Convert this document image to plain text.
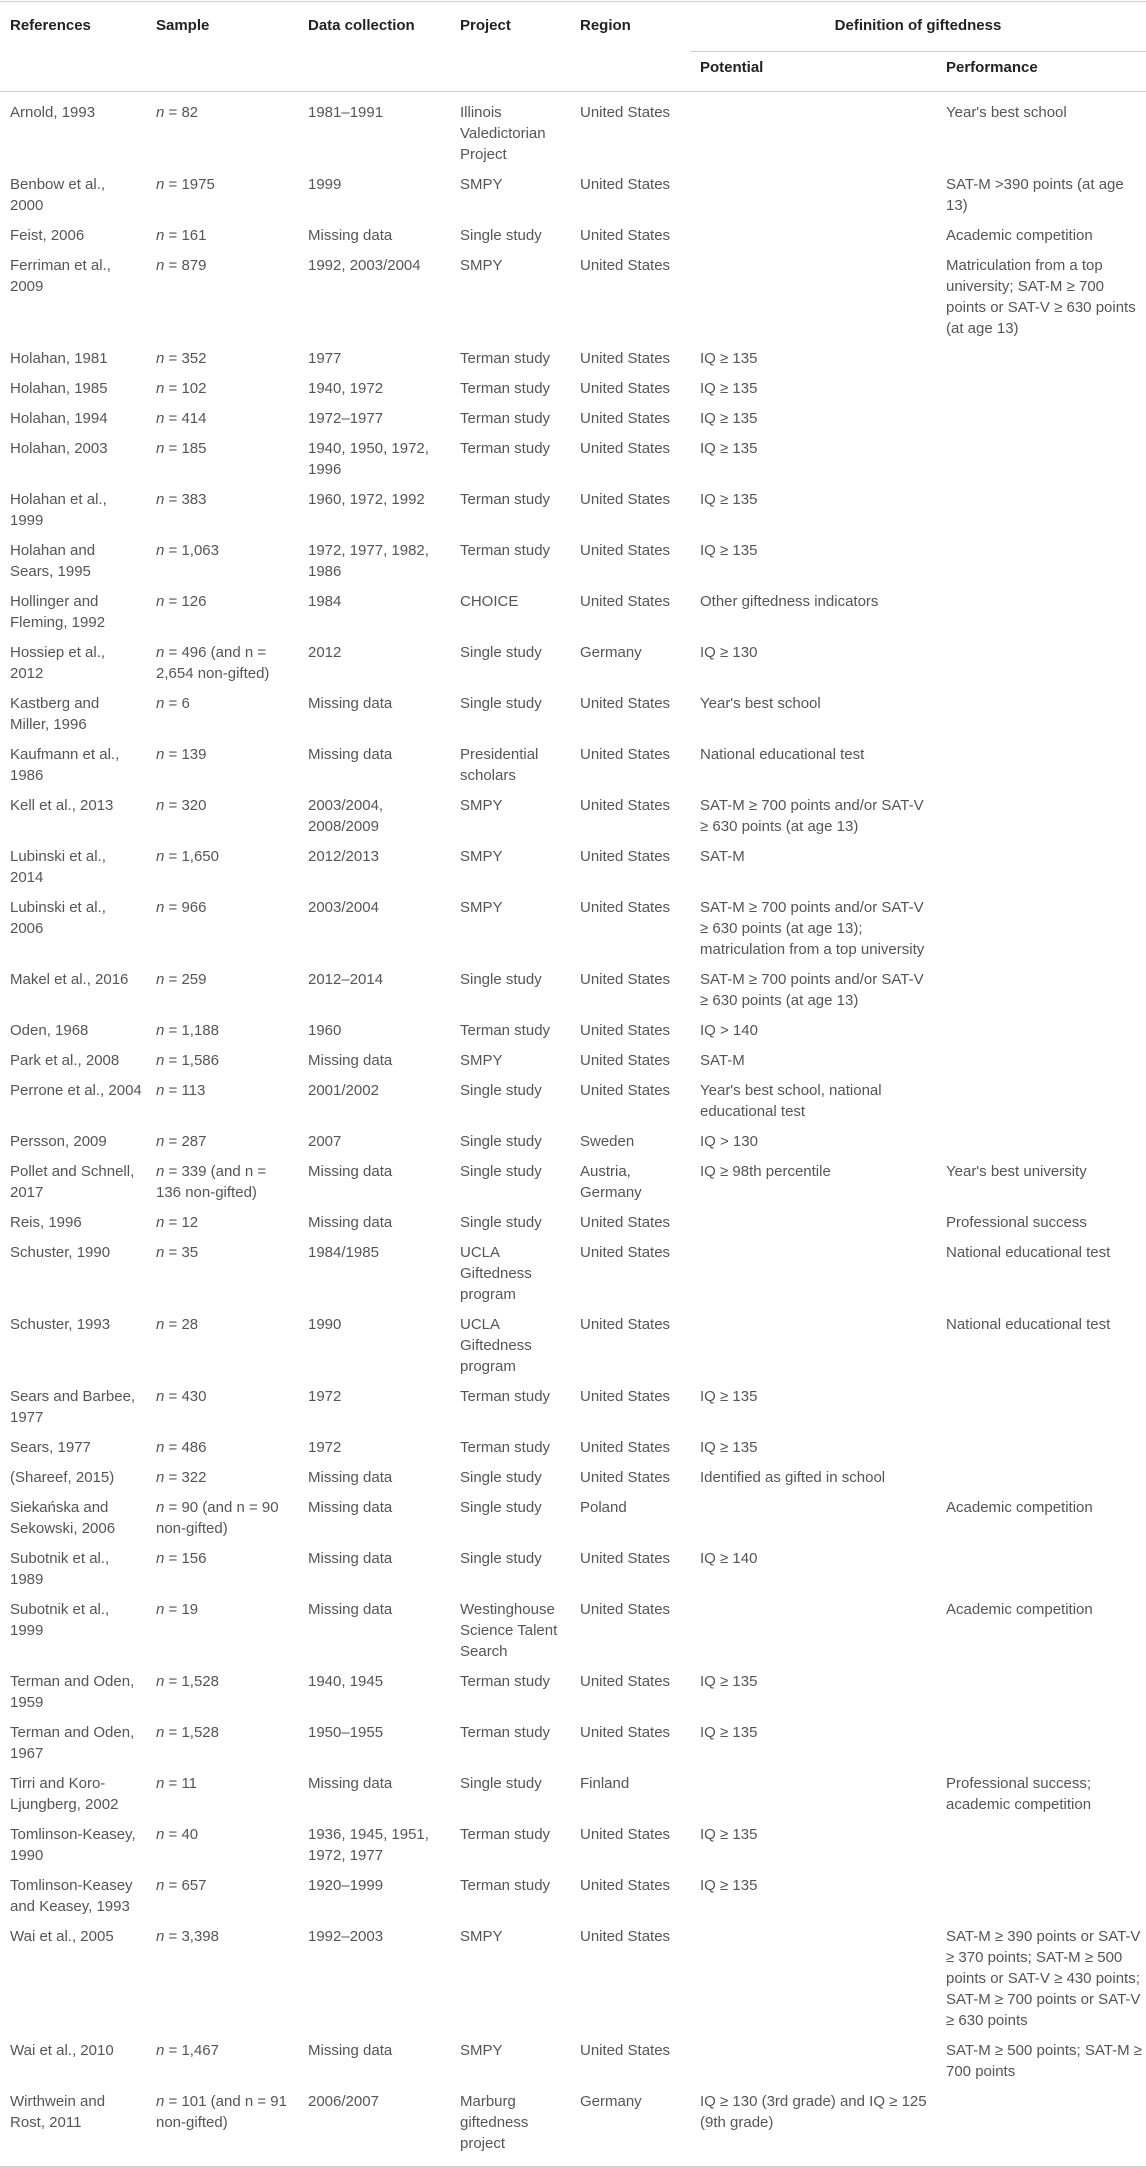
References	Sample	Data collection	Project	Region	Definition of giftedness	
					Potential	Performance
Arnold, 1993	n = 82	1981–1991	Illinois Valedictorian Project	United States		Year's best school
Benbow et al., 2000	n = 1975	1999	SMPY	United States		SAT-M >390 points (at age 13)
Feist, 2006	n = 161	Missing data	Single study	United States		Academic competition
Ferriman et al., 2009	n = 879	1992, 2003/2004	SMPY	United States		Matriculation from a top university; SAT-M ≥ 700 points or SAT-V ≥ 630 points (at age 13)
Holahan, 1981	n = 352	1977	Terman study	United States	IQ ≥ 135	
Holahan, 1985	n = 102	1940, 1972	Terman study	United States	IQ ≥ 135	
Holahan, 1994	n = 414	1972–1977	Terman study	United States	IQ ≥ 135	
Holahan, 2003	n = 185	1940, 1950, 1972, 1996	Terman study	United States	IQ ≥ 135	
Holahan et al., 1999	n = 383	1960, 1972, 1992	Terman study	United States	IQ ≥ 135	
Holahan and Sears, 1995	n = 1,063	1972, 1977, 1982, 1986	Terman study	United States	IQ ≥ 135	
Hollinger and Fleming, 1992	n = 126	1984	CHOICE	United States	Other giftedness indicators	
Hossiep et al., 2012	n = 496 (and n = 2,654 non-gifted)	2012	Single study	Germany	IQ ≥ 130	
Kastberg and Miller, 1996	n = 6	Missing data	Single study	United States	Year's best school	
Kaufmann et al., 1986	n = 139	Missing data	Presidential scholars	United States	National educational test	
Kell et al., 2013	n = 320	2003/2004, 2008/2009	SMPY	United States	SAT-M ≥ 700 points and/or SAT-V ≥ 630 points (at age 13)	
Lubinski et al., 2014	n = 1,650	2012/2013	SMPY	United States	SAT-M	
Lubinski et al., 2006	n = 966	2003/2004	SMPY	United States	SAT-M ≥ 700 points and/or SAT-V ≥ 630 points (at age 13); matriculation from a top university	
Makel et al., 2016	n = 259	2012–2014	Single study	United States	SAT-M ≥ 700 points and/or SAT-V ≥ 630 points (at age 13)	
Oden, 1968	n = 1,188	1960	Terman study	United States	IQ > 140	
Park et al., 2008	n = 1,586	Missing data	SMPY	United States	SAT-M	
Perrone et al., 2004	n = 113	2001/2002	Single study	United States	Year's best school, national educational test	
Persson, 2009	n = 287	2007	Single study	Sweden	IQ > 130	
Pollet and Schnell, 2017	n = 339 (and n = 136 non-gifted)	Missing data	Single study	Austria, Germany	IQ ≥ 98th percentile	Year's best university
Reis, 1996	n = 12	Missing data	Single study	United States		Professional success
Schuster, 1990	n = 35	1984/1985	UCLA Giftedness program	United States		National educational test
Schuster, 1993	n = 28	1990	UCLA Giftedness program	United States		National educational test
Sears and Barbee, 1977	n = 430	1972	Terman study	United States	IQ ≥ 135	
Sears, 1977	n = 486	1972	Terman study	United States	IQ ≥ 135	
(Shareef, 2015)	n = 322	Missing data	Single study	United States	Identified as gifted in school	
Siekańska and Sekowski, 2006	n = 90 (and n = 90 non-gifted)	Missing data	Single study	Poland		Academic competition
Subotnik et al., 1989	n = 156	Missing data	Single study	United States	IQ ≥ 140	
Subotnik et al., 1999	n = 19	Missing data	Westinghouse Science Talent Search	United States		Academic competition
Terman and Oden, 1959	n = 1,528	1940, 1945	Terman study	United States	IQ ≥ 135	
Terman and Oden, 1967	n = 1,528	1950–1955	Terman study	United States	IQ ≥ 135	
Tirri and Koro-Ljungberg, 2002	n = 11	Missing data	Single study	Finland		Professional success; academic competition
Tomlinson-Keasey, 1990	n = 40	1936, 1945, 1951, 1972, 1977	Terman study	United States	IQ ≥ 135	
Tomlinson-Keasey and Keasey, 1993	n = 657	1920–1999	Terman study	United States	IQ ≥ 135	
Wai et al., 2005	n = 3,398	1992–2003	SMPY	United States		SAT-M ≥ 390 points or SAT-V ≥ 370 points; SAT-M ≥ 500 points or SAT-V ≥ 430 points; SAT-M ≥ 700 points or SAT-V ≥ 630 points
Wai et al., 2010	n = 1,467	Missing data	SMPY	United States		SAT-M ≥ 500 points; SAT-M ≥ 700 points
Wirthwein and Rost, 2011	n = 101 (and n = 91 non-gifted)	2006/2007	Marburg giftedness project	Germany	IQ ≥ 130 (3rd grade) and IQ ≥ 125 (9th grade)	
